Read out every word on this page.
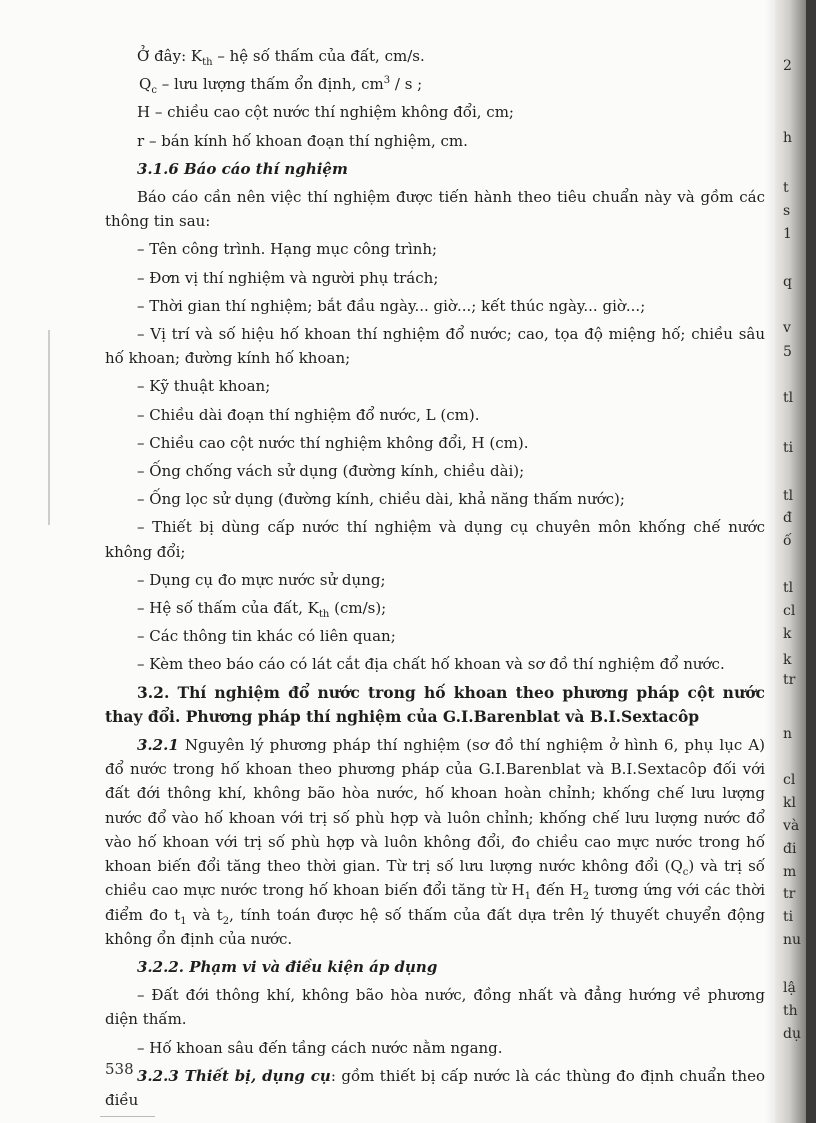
Ở đây: $K_{th}$ – hệ số thấm của đất, cm/s.

$Q_c$ – lưu lượng thấm ổn định, $cm^3$ / s ;

H – chiều cao cột nước thí nghiệm không đổi, cm;

r – bán kính hố khoan đoạn thí nghiệm, cm.

3.1.6 Báo cáo thí nghiệm

Báo cáo cần nên việc thí nghiệm được tiến hành theo tiêu chuẩn này và gồm các thông tin sau:

– Tên công trình. Hạng mục công trình;

– Đơn vị thí nghiệm và người phụ trách;

– Thời gian thí nghiệm; bắt đầu ngày... giờ...; kết thúc ngày... giờ...;

– Vị trí và số hiệu hố khoan thí nghiệm đổ nước; cao, tọa độ miệng hố; chiều sâu hố khoan; đường kính hố khoan;

– Kỹ thuật khoan;

– Chiều dài đoạn thí nghiệm đổ nước, L (cm).

– Chiều cao cột nước thí nghiệm không đổi, H (cm).

– Ống chống vách sử dụng (đường kính, chiều dài);

– Ống lọc sử dụng (đường kính, chiều dài, khả năng thấm nước);

– Thiết bị dùng cấp nước thí nghiệm và dụng cụ chuyên môn khống chế nước không đổi;

– Dụng cụ đo mực nước sử dụng;

– Hệ số thấm của đất, $K_{th}$ (cm/s);

– Các thông tin khác có liên quan;

– Kèm theo báo cáo có lát cắt địa chất hố khoan và sơ đồ thí nghiệm đổ nước.

3.2. Thí nghiệm đổ nước trong hố khoan theo phương pháp cột nước thay đổi. Phương pháp thí nghiệm của G.I.Barenblat và B.I.Sextacôp

3.2.1 Nguyên lý phương pháp thí nghiệm (sơ đồ thí nghiệm ở hình 6, phụ lục A) đổ nước trong hố khoan theo phương pháp của G.I.Barenblat và B.I.Sextacôp đối với đất đới thông khí, không bão hòa nước, hố khoan hoàn chỉnh; khống chế lưu lượng nước đổ vào hố khoan với trị số phù hợp và luôn chỉnh; khống chế lưu lượng nước đổ vào hố khoan với trị số phù hợp và luôn không đổi, đo chiều cao mực nước trong hố khoan biến đổi tăng theo thời gian. Từ trị số lưu lượng nước không đổi $(Q_c)$ và trị số chiều cao mực nước trong hố khoan biến đổi tăng từ $H_1$ đến $H_2$ tương ứng với các thời điểm đo $t_1$ và $t_2$, tính toán được hệ số thấm của đất dựa trên lý thuyết chuyển động không ổn định của nước.

3.2.2. Phạm vi và điều kiện áp dụng

– Đất đới thông khí, không bão hòa nước, đồng nhất và đẳng hướng về phương diện thấm.

– Hố khoan sâu đến tầng cách nước nằm ngang.

3.2.3 Thiết bị, dụng cụ: gồm thiết bị cấp nước là các thùng đo định chuẩn theo điều

538
2
h
t
s
1
q
v
5
tl
ti
tl
đ
ố
tl
cl
k
k
tr
n
cl
kl
và
đi
m
tr
ti
nu
lậ
th
dụ
